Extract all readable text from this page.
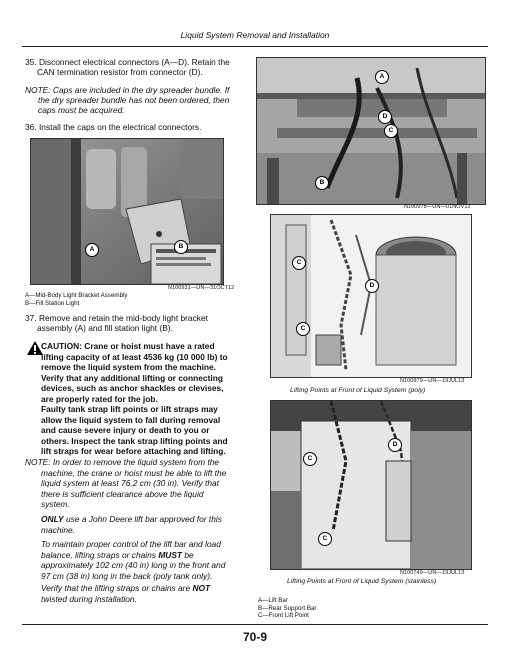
Liquid System Removal and Installation
35. Disconnect electrical connectors (A—D). Retain the
CAN termination resistor from connector (D).
NOTE: Caps are included in the dry spreader bundle. If
the dry spreader bundle has not been ordered, then
caps must be acquired.
36. Install the caps on the electrical connectors.
A	B
N100931—UN—31OCT12
A—Mid-Body Light Bracket Assembly
B—Fill Station Light
37. Remove and retain the mid-body light bracket
assembly (A) and fill station light (B).
CAUTION: Crane or hoist must have a rated
lifting capacity of at least 4536 kg (10 000 lb) to
remove the liquid system from the machine.
Verify that any additional lifting or connecting
devices, such as anchor shackles or clevises,
are properly rated for the job.
Faulty tank strap lift points or lift straps may
allow the liquid system to fall during removal
and cause severe injury or death to you or
others. Inspect the tank strap lifting points and
lift straps for wear before attaching and lifting.
NOTE: In order to remove the liquid system from the
machine, the crane or hoist must be able to lift the
liquid system at least 76.2 cm (30 in). Verify that
there is sufficient clearance above the liquid
system.
ONLY use a John Deere lift bar approved for this
machine.
To maintain proper control of the lift bar and load
balance, lifting straps or chains MUST be
approximately 102 cm (40 in) long in the front and
97 cm (38 in) long in the back (poly tank only).
Verify that the lifting straps or chains are NOT
twisted during installation.
A
D
C
B
N100978—UN—01NOV12
C
D
C
N100979—UN—19JUL13
Lifting Points at Front of Liquid System (poly)
C
D
C
N100749—UN—19JUL13
Lifting Points at Front of Liquid System (stainless)
A—Lift Bar
B—Rear Support Bar
C—Front Lift Point
70-9
